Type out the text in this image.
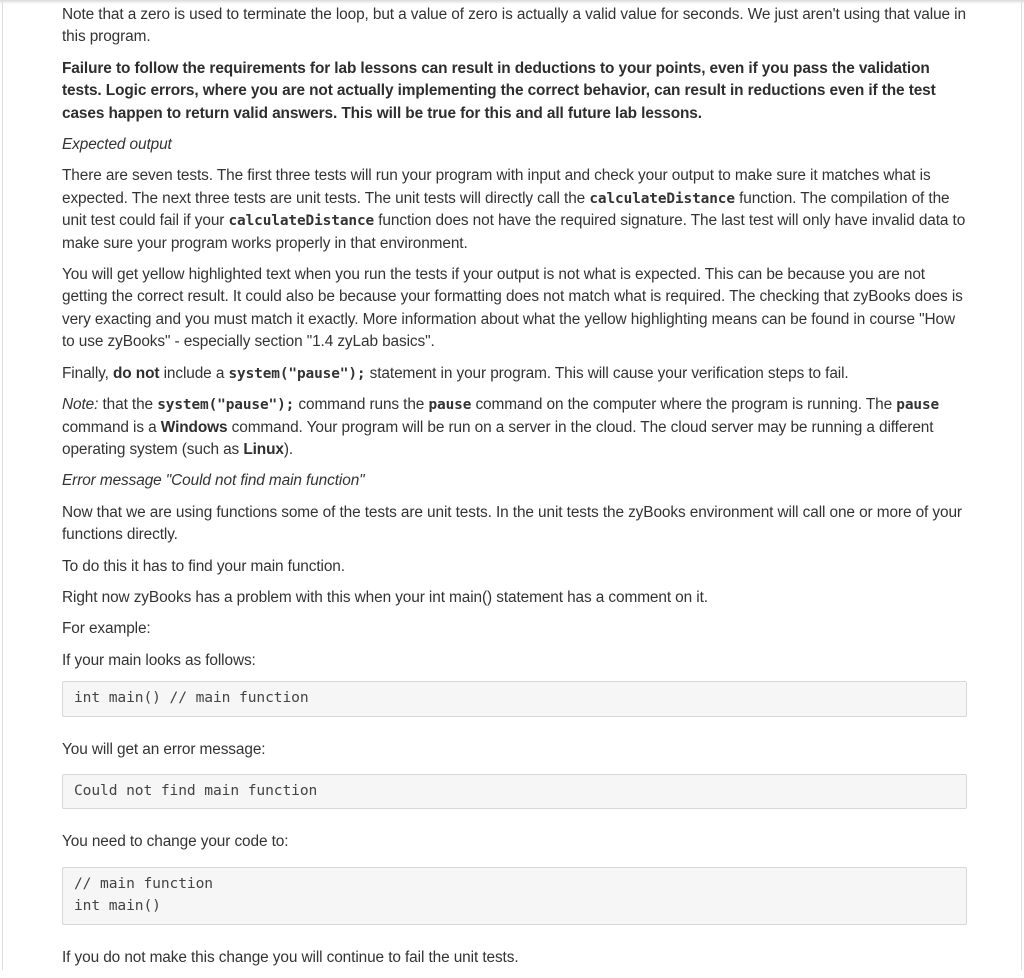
Note that a zero is used to terminate the loop, but a value of zero is actually a valid value for seconds. We just aren't using that value in this program.

Failure to follow the requirements for lab lessons can result in deductions to your points, even if you pass the validation tests. Logic errors, where you are not actually implementing the correct behavior, can result in reductions even if the test cases happen to return valid answers. This will be true for this and all future lab lessons.

Expected output

There are seven tests. The first three tests will run your program with input and check your output to make sure it matches what is expected. The next three tests are unit tests. The unit tests will directly call the calculateDistance function. The compilation of the unit test could fail if your calculateDistance function does not have the required signature. The last test will only have invalid data to make sure your program works properly in that environment.

You will get yellow highlighted text when you run the tests if your output is not what is expected. This can be because you are not getting the correct result. It could also be because your formatting does not match what is required. The checking that zyBooks does is very exacting and you must match it exactly. More information about what the yellow highlighting means can be found in course "How to use zyBooks" - especially section "1.4 zyLab basics".

Finally, do not include a system("pause"); statement in your program. This will cause your verification steps to fail.

Note: that the system("pause"); command runs the pause command on the computer where the program is running. The pause command is a Windows command. Your program will be run on a server in the cloud. The cloud server may be running a different operating system (such as Linux).

Error message "Could not find main function"

Now that we are using functions some of the tests are unit tests. In the unit tests the zyBooks environment will call one or more of your functions directly.

To do this it has to find your main function.

Right now zyBooks has a problem with this when your int main() statement has a comment on it.

For example:

If your main looks as follows:

int main() // main function

You will get an error message:

Could not find main function

You need to change your code to:

// main function
int main()

If you do not make this change you will continue to fail the unit tests.
